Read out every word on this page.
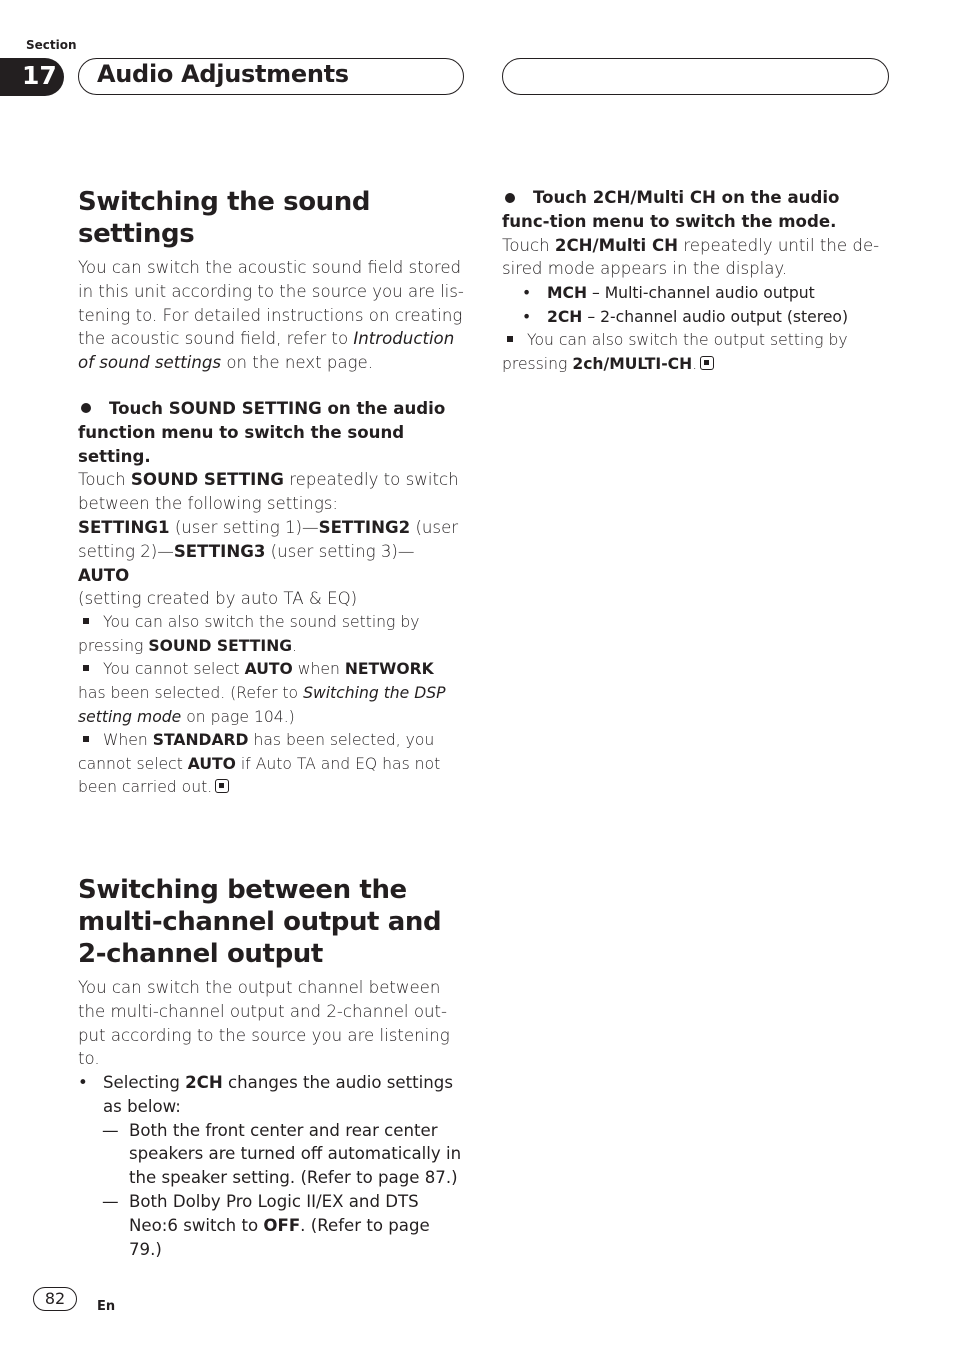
Section
17 Audio Adjustments
Switching the sound settings

You can switch the acoustic sound field stored in this unit according to the source you are lis-tening to. For detailed instructions on creating the acoustic sound field, refer to Introduction of sound settings on the next page.

Touch SOUND SETTING on the audio function menu to switch the sound setting.

Touch SOUND SETTING repeatedly to switch between the following settings:

SETTING1 (user setting 1)—SETTING2 (user setting 2)—SETTING3 (user setting 3)—AUTO
(setting created by auto TA & EQ)

You can also switch the sound setting by pressing SOUND SETTING.

You cannot select AUTO when NETWORK has been selected. (Refer to Switching the DSP setting mode on page 104.)

When STANDARD has been selected, you cannot select AUTO if Auto TA and EQ has not been carried out.

Switching between the multi-channel output and 2-channel output

You can switch the output channel between the multi-channel output and 2-channel out-put according to the source you are listening to.

• Selecting 2CH changes the audio settings as below:
— Both the front center and rear center speakers are turned off automatically in the speaker setting. (Refer to page 87.)
— Both Dolby Pro Logic II/EX and DTS Neo:6 switch to OFF. (Refer to page 79.)

Touch 2CH/Multi CH on the audio func-tion menu to switch the mode.

Touch 2CH/Multi CH repeatedly until the de-sired mode appears in the display.

• MCH – Multi-channel audio output
• 2CH – 2-channel audio output (stereo)

You can also switch the output setting by pressing 2ch/MULTI-CH.

82	En
